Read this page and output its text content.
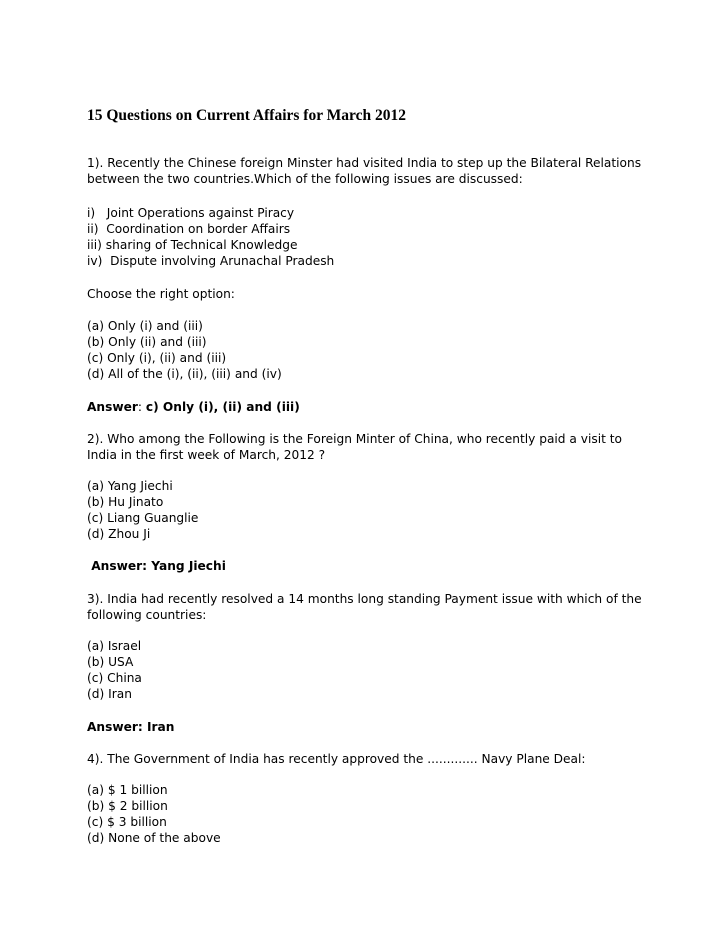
15 Questions on Current Affairs for March 2012
1). Recently the Chinese foreign Minster had visited India to step up the Bilateral Relations
between the two countries.Which of the following issues are discussed:
i)   Joint Operations against Piracy
ii)  Coordination on border Affairs
iii) sharing of Technical Knowledge
iv)  Dispute involving Arunachal Pradesh
Choose the right option:
(a) Only (i) and (iii)
(b) Only (ii) and (iii)
(c) Only (i), (ii) and (iii)
(d) All of the (i), (ii), (iii) and (iv)
Answer: c) Only (i), (ii) and (iii)
2). Who among the Following is the Foreign Minter of China, who recently paid a visit to
India in the first week of March, 2012 ?
(a) Yang Jiechi
(b) Hu Jinato
(c) Liang Guanglie
(d) Zhou Ji
Answer: Yang Jiechi
3). India had recently resolved a 14 months long standing Payment issue with which of the
following countries:
(a) Israel
(b) USA
(c) China
(d) Iran
Answer: Iran
4). The Government of India has recently approved the ............. Navy Plane Deal:
(a) $ 1 billion
(b) $ 2 billion
(c) $ 3 billion
(d) None of the above
